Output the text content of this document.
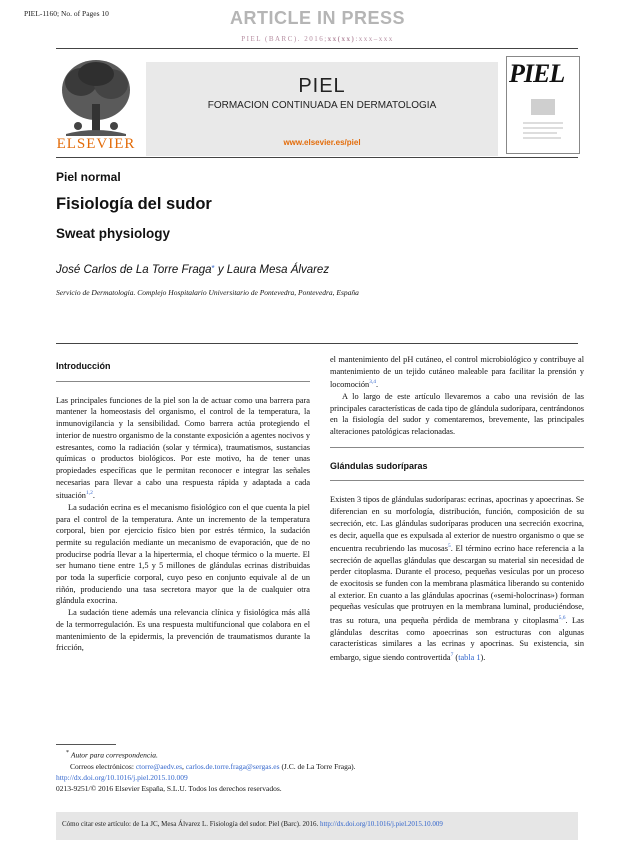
PIEL-1160; No. of Pages 10	ARTICLE IN PRESS
PIEL (BARC). 2016;xx(xx):xxx–xxx
ELSEVIER
PIEL
FORMACION CONTINUADA EN DERMATOLOGIA
www.elsevier.es/piel
PIEL
Piel normal
Fisiología del sudor
Sweat physiology
José Carlos de La Torre Fraga* y Laura Mesa Álvarez
Servicio de Dermatología. Complejo Hospitalario Universitario de Pontevedra, Pontevedra, España
Introducción

Las principales funciones de la piel son la de actuar como una barrera para mantener la homeostasis del organismo, el control de la temperatura, la inmunovigilancia y la sensibilidad. Como barrera actúa protegiendo el interior de nuestro organismo de la constante exposición a agentes nocivos y estresantes, como la radiación (solar y térmica), traumatismos, sustancias químicas o productos biológicos. Por este motivo, ha de tener unas propiedades específicas que le permitan reconocer e integrar las señales necesarias para llevar a cabo una respuesta rápida y adaptada a cada situación$^{1,2}$.

La sudación ecrina es el mecanismo fisiológico con el que cuenta la piel para el control de la temperatura. Ante un incremento de la temperatura corporal, bien por ejercicio físico bien por estrés térmico, la sudación permite su regulación mediante un mecanismo de evaporación, que de no producirse podría llevar a la hipertermia, el choque térmico o la muerte. El ser humano tiene entre 1,5 y 5 millones de glándulas ecrinas distribuidas por toda la superficie corporal, cuyo peso en conjunto equivale al de un riñón, produciendo una tasa secretora mayor que la de cualquier otra glándula exocrina.

La sudación tiene además una relevancia clínica y fisiológica más allá de la termorregulación. Es una respuesta multifuncional que colabora en el mantenimiento de la epidermis, la prevención de traumatismos durante la fricción,

el mantenimiento del pH cutáneo, el control microbiológico y contribuye al mantenimiento de un tejido cutáneo maleable para facilitar la prensión y locomoción$^{3,4}$.

A lo largo de este artículo llevaremos a cabo una revisión de las principales características de cada tipo de glándula sudorípara, centrándonos en la fisiología del sudor y comentaremos, brevemente, las principales alteraciones patológicas relacionadas.

Glándulas sudoríparas

Existen 3 tipos de glándulas sudoríparas: ecrinas, apocrinas y apoecrinas. Se diferencian en su morfología, distribución, función, composición de su secreción, etc. Las glándulas sudoríparas producen una secreción exocrina, es decir, aquella que es expulsada al exterior de nuestro organismo o que se encuentra recubriendo las mucosas$^5$. El término ecrino hace referencia a la secreción de aquellas glándulas que descargan su material sin necesidad de perder citoplasma. Durante el proceso, pequeñas vesículas por un proceso de exocitosis se funden con la membrana plasmática liberando su contenido al exterior. En cuanto a las glándulas apocrinas («semi-holocrinas») forman pequeñas vesículas que protruyen en la membrana luminal, produciéndose, tras su rotura, una pequeña pérdida de membrana y citoplasma$^{5,6}$. Las glándulas descritas como apoecrinas son estructuras con algunas características similares a las ecrinas y apocrinas. Su existencia, sin embargo, sigue siendo controvertida$^7$ (tabla 1).

* Autor para correspondencia.
Correos electrónicos: ctorre@aedv.es, carlos.de.torre.fraga@sergas.es (J.C. de La Torre Fraga).
http://dx.doi.org/10.1016/j.piel.2015.10.009
0213-9251/© 2016 Elsevier España, S.L.U. Todos los derechos reservados.
Cómo citar este artículo: de La JC, Mesa Álvarez L. Fisiología del sudor. Piel (Barc). 2016. http://dx.doi.org/10.1016/j.piel.2015.10.009
